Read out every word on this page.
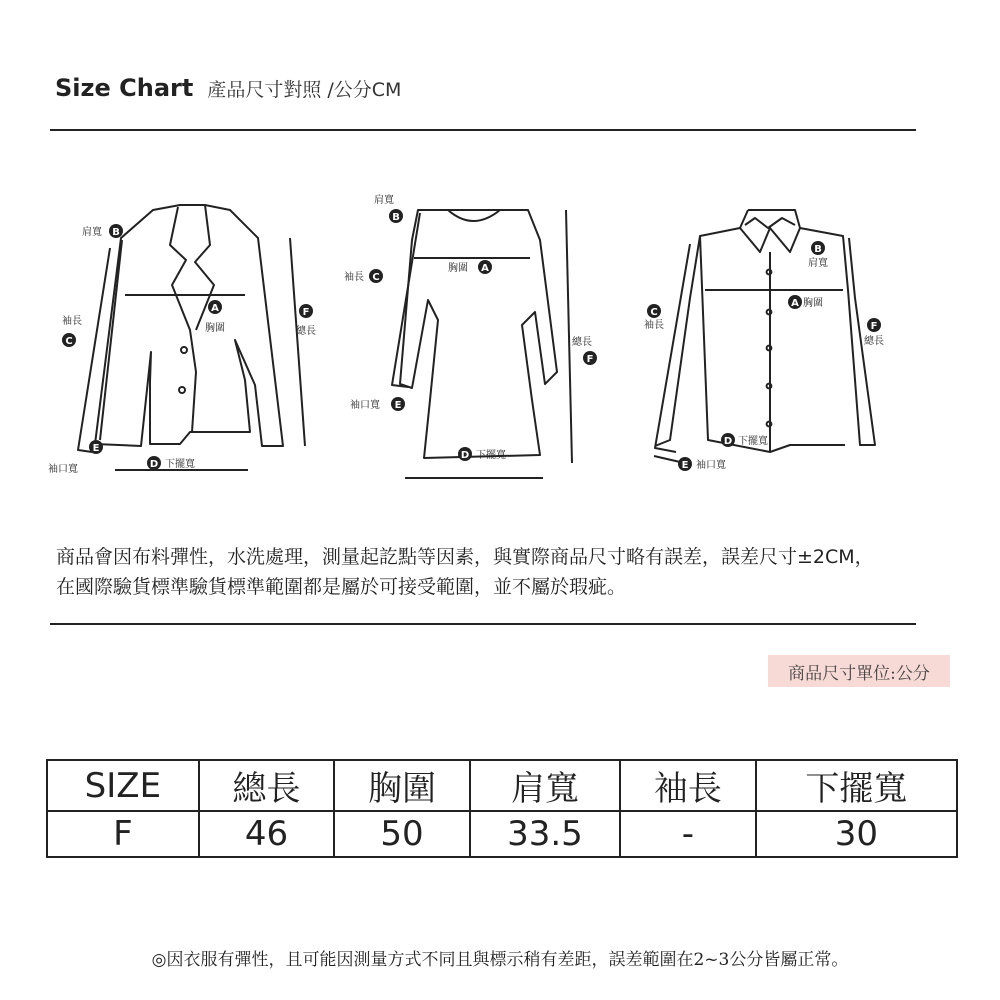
Size Chart 產品尺寸對照 /公分CM
肩寬 B
袖長
C
A
胸圍
F
總長
E
袖口寬	D 下擺寬
肩寬
B
袖長 C
胸圍 A
總長
F
袖口寬 E
D 下擺寬
B
肩寬
C
袖長
A 胸圍
F
總長
D 下擺寬
E 袖口寬

商品會因布料彈性，水洗處理，測量起訖點等因素，與實際商品尺寸略有誤差，誤差尺寸±2CM，

在國際驗貨標準驗貨標準範圍都是屬於可接受範圍，並不屬於瑕疵。

商品尺寸單位:公分
SIZE	總長	胸圍	肩寬	袖長	下擺寬
F	46	50	33.5	-	30
◎因衣服有彈性，且可能因測量方式不同且與標示稍有差距，誤差範圍在2~3公分皆屬正常。
